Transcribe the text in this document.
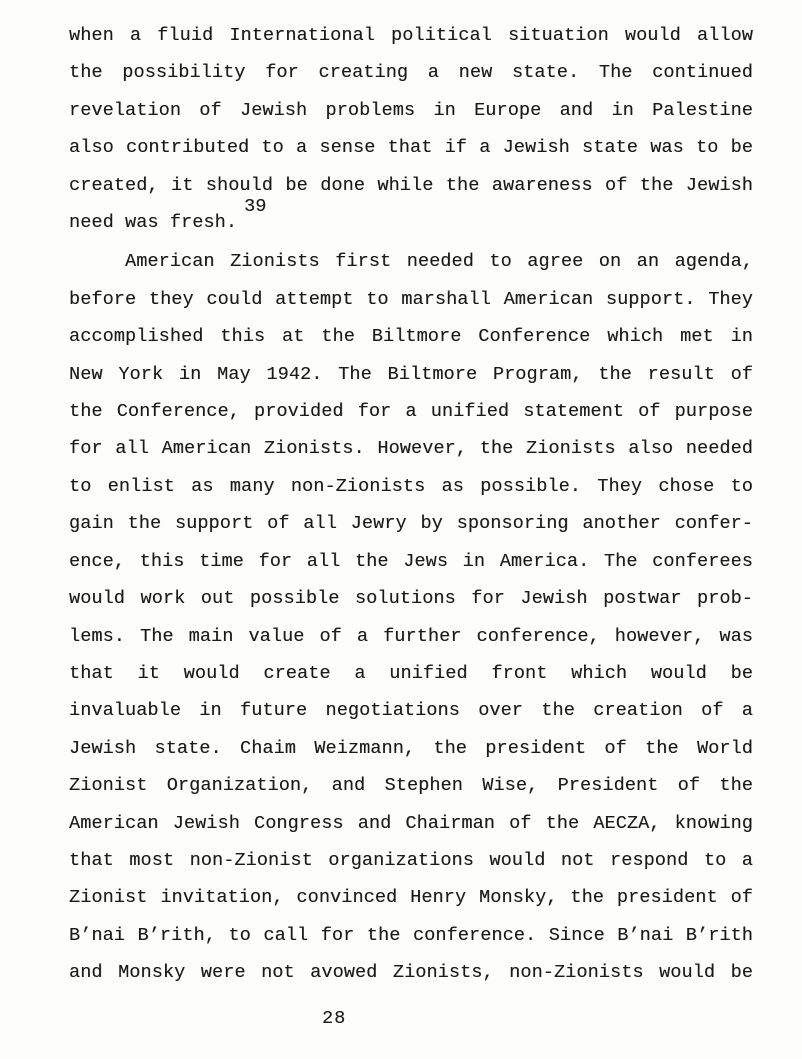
when a fluid International political situation would allow
the possibility for creating a new state. The continued
revelation of Jewish problems in Europe and in Palestine
also contributed to a sense that if a Jewish state was to be
created, it should be done while the awareness of the Jewish
need was fresh.$^{39}$
American Zionists first needed to agree on an agenda,
before they could attempt to marshall American support. They
accomplished this at the Biltmore Conference which met in
New York in May 1942. The Biltmore Program, the result of
the Conference, provided for a unified statement of purpose
for all American Zionists. However, the Zionists also needed
to enlist as many non-Zionists as possible. They chose to
gain the support of all Jewry by sponsoring another confer-
ence, this time for all the Jews in America. The conferees
would work out possible solutions for Jewish postwar prob-
lems. The main value of a further conference, however, was
that it would create a unified front which would be
invaluable in future negotiations over the creation of a
Jewish state. Chaim Weizmann, the president of the World
Zionist Organization, and Stephen Wise, President of the
American Jewish Congress and Chairman of the AECZA, knowing
that most non-Zionist organizations would not respond to a
Zionist invitation, convinced Henry Monsky, the president of
B’nai B’rith, to call for the conference. Since B’nai B’rith
and Monsky were not avowed Zionists, non-Zionists would be
28
